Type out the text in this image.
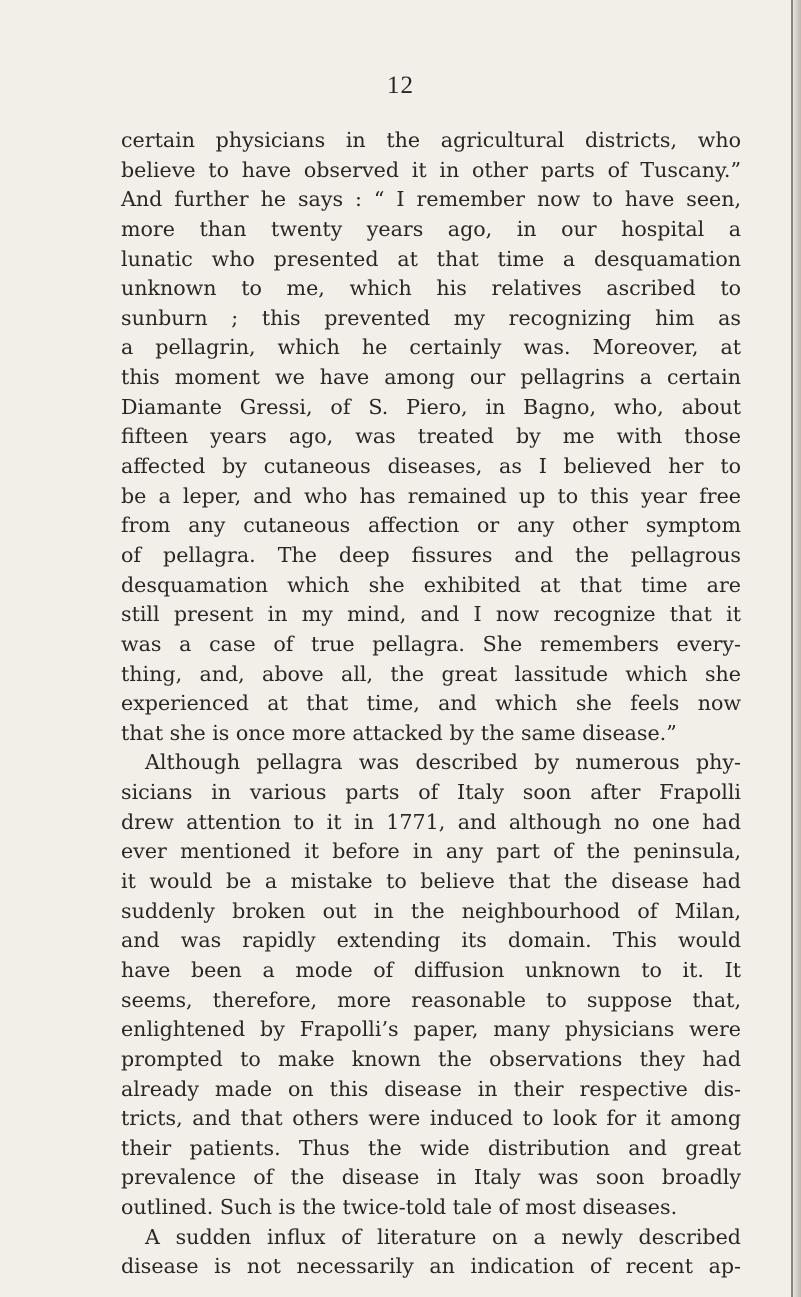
12
certain physicians in the agricultural districts, who
believe to have observed it in other parts of Tuscany.”
And further he says : “ I remember now to have seen,
more than twenty years ago, in our hospital a
lunatic who presented at that time a desquamation
unknown to me, which his relatives ascribed to
sunburn ; this prevented my recognizing him as
a pellagrin, which he certainly was. Moreover, at
this moment we have among our pellagrins a certain
Diamante Gressi, of S. Piero, in Bagno, who, about
fifteen years ago, was treated by me with those
affected by cutaneous diseases, as I believed her to
be a leper, and who has remained up to this year free
from any cutaneous affection or any other symptom
of pellagra. The deep fissures and the pellagrous
desquamation which she exhibited at that time are
still present in my mind, and I now recognize that it
was a case of true pellagra. She remembers every-
thing, and, above all, the great lassitude which she
experienced at that time, and which she feels now
that she is once more attacked by the same disease.”
Although pellagra was described by numerous phy-
sicians in various parts of Italy soon after Frapolli
drew attention to it in 1771, and although no one had
ever mentioned it before in any part of the peninsula,
it would be a mistake to believe that the disease had
suddenly broken out in the neighbourhood of Milan,
and was rapidly extending its domain. This would
have been a mode of diffusion unknown to it. It
seems, therefore, more reasonable to suppose that,
enlightened by Frapolli’s paper, many physicians were
prompted to make known the observations they had
already made on this disease in their respective dis-
tricts, and that others were induced to look for it among
their patients. Thus the wide distribution and great
prevalence of the disease in Italy was soon broadly
outlined. Such is the twice-told tale of most diseases.
A sudden influx of literature on a newly described
disease is not necessarily an indication of recent ap-
